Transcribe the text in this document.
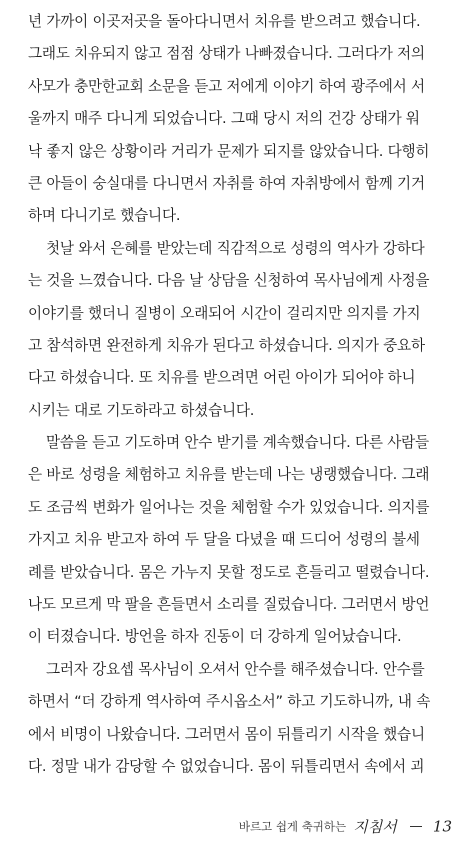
년 가까이 이곳저곳을 돌아다니면서 치유를 받으려고 했습니다.
그래도 치유되지 않고 점점 상태가 나빠졌습니다. 그러다가 저의
사모가 충만한교회 소문을 듣고 저에게 이야기 하여 광주에서 서
울까지 매주 다니게 되었습니다. 그때 당시 저의 건강 상태가 워
낙 좋지 않은 상황이라 거리가 문제가 되지를 않았습니다. 다행히
큰 아들이 숭실대를 다니면서 자취를 하여 자취방에서 함께 기거
하며 다니기로 했습니다.
첫날 와서 은혜를 받았는데 직감적으로 성령의 역사가 강하다
는 것을 느꼈습니다. 다음 날 상담을 신청하여 목사님에게 사정을
이야기를 했더니 질병이 오래되어 시간이 걸리지만 의지를 가지
고 참석하면 완전하게 치유가 된다고 하셨습니다. 의지가 중요하
다고 하셨습니다. 또 치유를 받으려면 어린 아이가 되어야 하니
시키는 대로 기도하라고 하셨습니다.
말씀을 듣고 기도하며 안수 받기를 계속했습니다. 다른 사람들
은 바로 성령을 체험하고 치유를 받는데 나는 냉랭했습니다. 그래
도 조금씩 변화가 일어나는 것을 체험할 수가 있었습니다. 의지를
가지고 치유 받고자 하여 두 달을 다녔을 때 드디어 성령의 불세
례를 받았습니다. 몸은 가누지 못할 정도로 흔들리고 떨렸습니다.
나도 모르게 막 팔을 흔들면서 소리를 질렀습니다. 그러면서 방언
이 터졌습니다. 방언을 하자 진동이 더 강하게 일어났습니다.
그러자 강요셉 목사님이 오셔서 안수를 해주셨습니다. 안수를
하면서 “더 강하게 역사하여 주시옵소서” 하고 기도하니까, 내 속
에서 비명이 나왔습니다. 그러면서 몸이 뒤틀리기 시작을 했습니
다. 정말 내가 감당할 수 없었습니다. 몸이 뒤틀리면서 속에서 괴
바르고 쉽게 축귀하는 지침서 13
